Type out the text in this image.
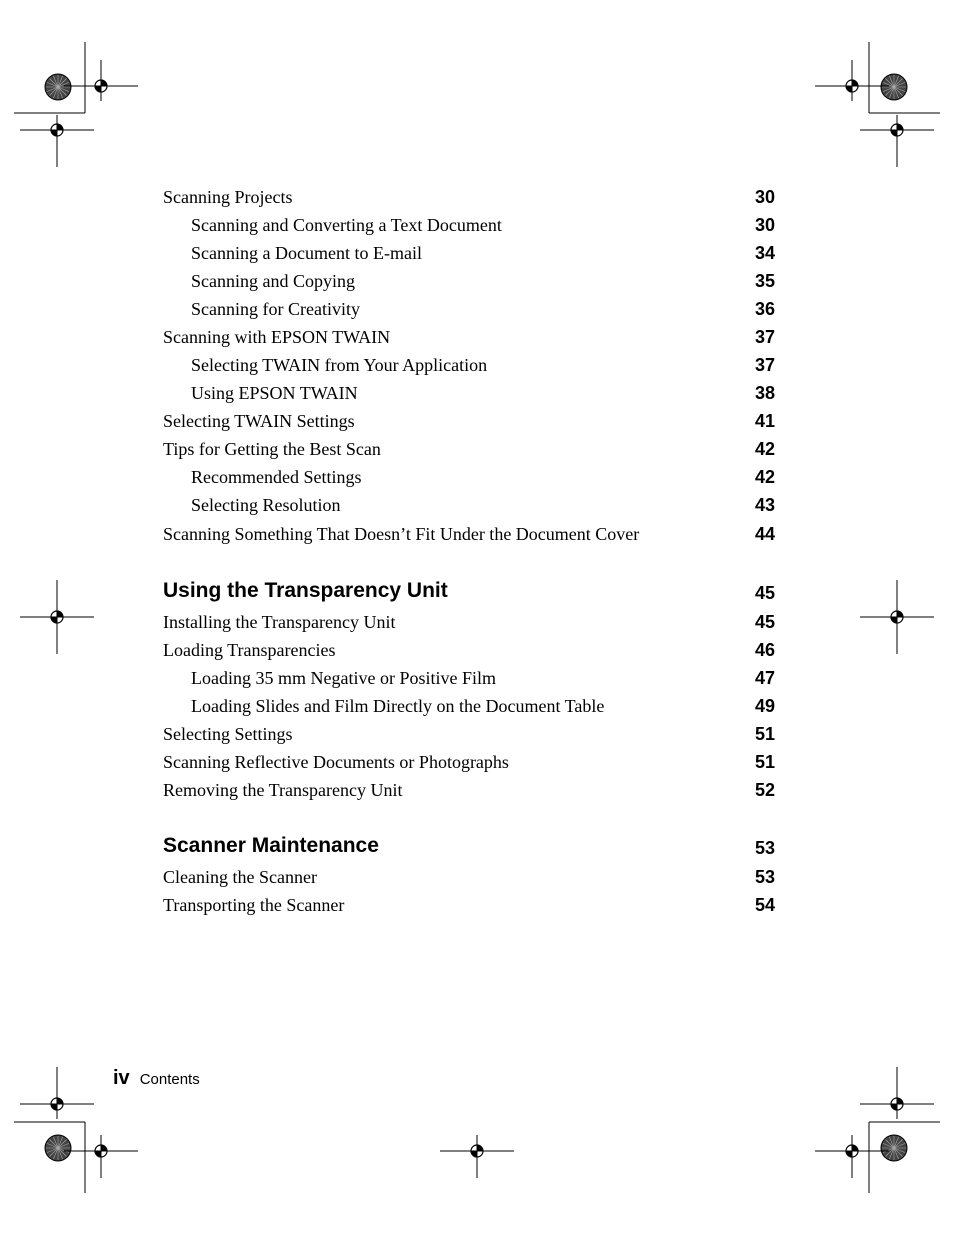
Scanning Projects	30
Scanning and Converting a Text Document	30
Scanning a Document to E-mail	34
Scanning and Copying	35
Scanning for Creativity	36
Scanning with EPSON TWAIN	37
Selecting TWAIN from Your Application	37
Using EPSON TWAIN	38
Selecting TWAIN Settings	41
Tips for Getting the Best Scan	42
Recommended Settings	42
Selecting Resolution	43
Scanning Something That Doesn’t Fit Under the Document Cover	44
Using the Transparency Unit	45
Installing the Transparency Unit	45
Loading Transparencies	46
Loading 35 mm Negative or Positive Film	47
Loading Slides and Film Directly on the Document Table	49
Selecting Settings	51
Scanning Reflective Documents or Photographs	51
Removing the Transparency Unit	52
Scanner Maintenance	53
Cleaning the Scanner	53
Transporting the Scanner	54
iv Contents
